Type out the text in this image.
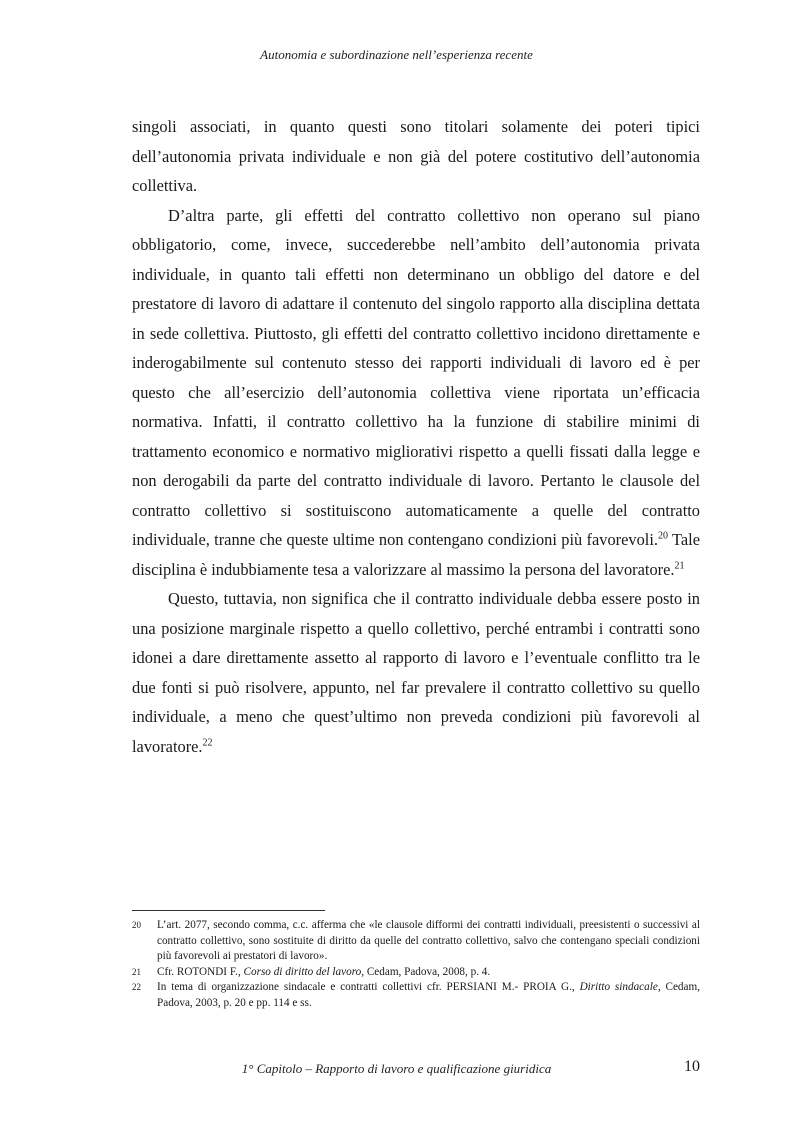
Autonomia e subordinazione nell’esperienza recente

singoli associati, in quanto questi sono titolari solamente dei poteri tipici dell’autonomia privata individuale e non già del potere costitutivo dell’autonomia collettiva.

D’altra parte, gli effetti del contratto collettivo non operano sul piano obbligatorio, come, invece, succederebbe nell’ambito dell’autonomia privata individuale, in quanto tali effetti non determinano un obbligo del datore e del prestatore di lavoro di adattare il contenuto del singolo rapporto alla disciplina dettata in sede collettiva. Piuttosto, gli effetti del contratto collettivo incidono direttamente e inderogabilmente sul contenuto stesso dei rapporti individuali di lavoro ed è per questo che all’esercizio dell’autonomia collettiva viene riportata un’efficacia normativa. Infatti, il contratto collettivo ha la funzione di stabilire minimi di trattamento economico e normativo migliorativi rispetto a quelli fissati dalla legge e non derogabili da parte del contratto individuale di lavoro. Pertanto le clausole del contratto collettivo si sostituiscono automaticamente a quelle del contratto individuale, tranne che queste ultime non contengano condizioni più favorevoli.$^{20}$ Tale disciplina è indubbiamente tesa a valorizzare al massimo la persona del lavoratore.$^{21}$

Questo, tuttavia, non significa che il contratto individuale debba essere posto in una posizione marginale rispetto a quello collettivo, perché entrambi i contratti sono idonei a dare direttamente assetto al rapporto di lavoro e l’eventuale conflitto tra le due fonti si può risolvere, appunto, nel far prevalere il contratto collettivo su quello individuale, a meno che quest’ultimo non preveda condizioni più favorevoli al lavoratore.$^{22}$

20	L’art. 2077, secondo comma, c.c. afferma che «le clausole difformi dei contratti individuali, preesistenti o successivi al contratto collettivo, sono sostituite di diritto da quelle del contratto collettivo, salvo che contengano speciali condizioni più favorevoli ai prestatori di lavoro».
21	Cfr. ROTONDI F., Corso di diritto del lavoro, Cedam, Padova, 2008, p. 4.
22	In tema di organizzazione sindacale e contratti collettivi cfr. PERSIANI M.- PROIA G., Diritto sindacale, Cedam, Padova, 2003, p. 20 e pp. 114 e ss.
1° Capitolo – Rapporto di lavoro e qualificazione giuridica	10
